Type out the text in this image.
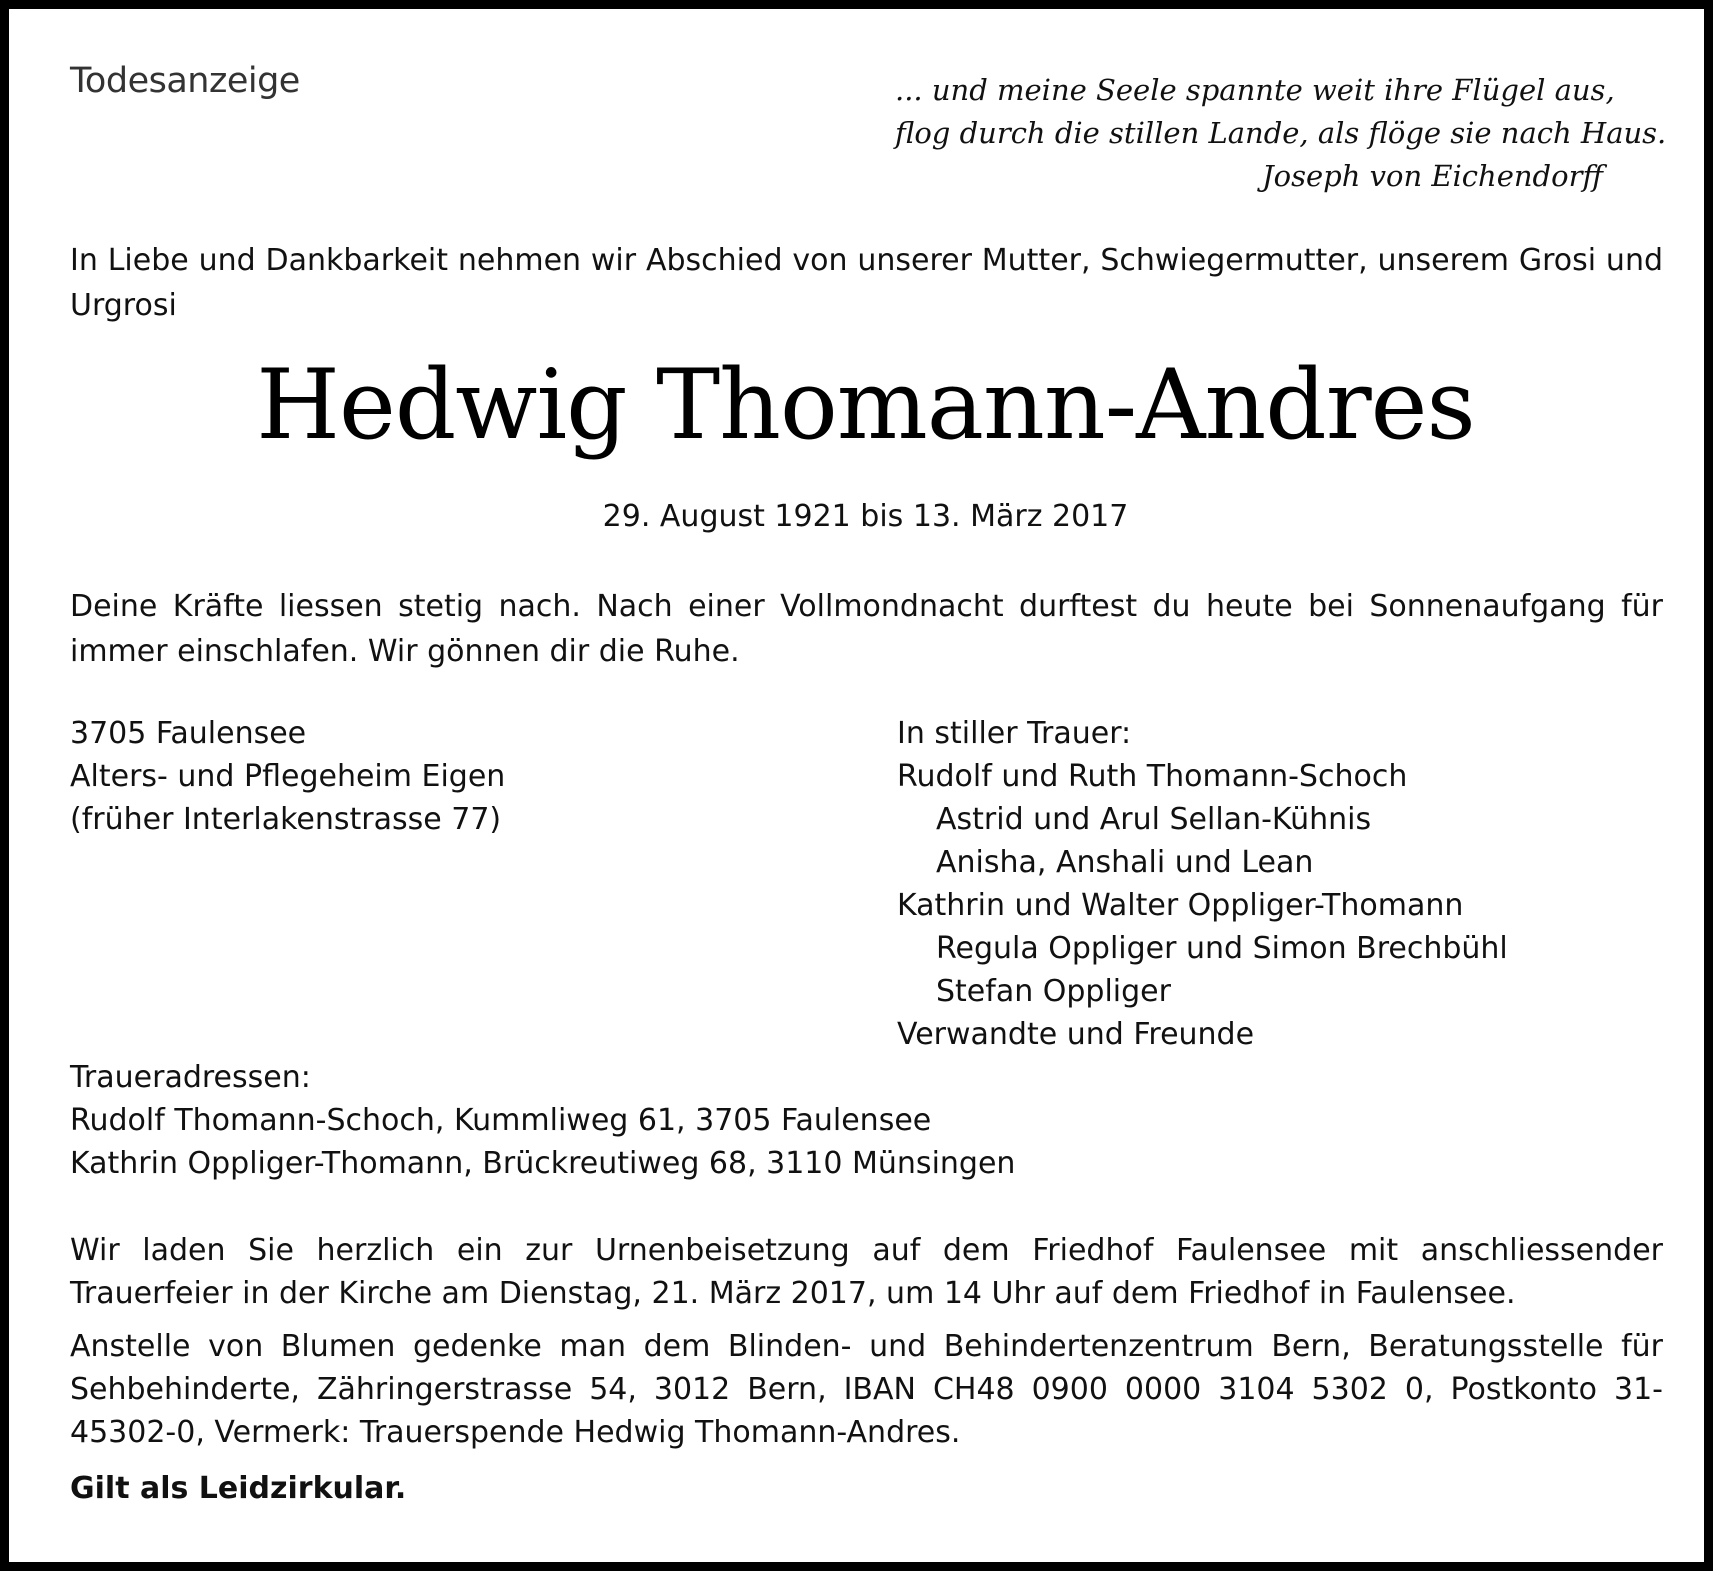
Todesanzeige	... und meine Seele spannte weit ihre Flügel aus,
flog durch die stillen Lande, als flöge sie nach Haus.
Joseph von Eichendorff
In Liebe und Dankbarkeit nehmen wir Abschied von unserer Mutter, Schwiegermutter, unserem Grosi und Urgrosi
Hedwig Thomann-Andres
29. August 1921 bis 13. März 2017
Deine Kräfte liessen stetig nach. Nach einer Vollmondnacht durftest du heute bei Sonnenaufgang für immer einschlafen. Wir gönnen dir die Ruhe.
3705 Faulensee
Alters- und Pflegeheim Eigen
(früher Interlakenstrasse 77)
In stiller Trauer:
Rudolf und Ruth Thomann-Schoch
Astrid und Arul Sellan-Kühnis
Anisha, Anshali und Lean
Kathrin und Walter Oppliger-Thomann
Regula Oppliger und Simon Brechbühl
Stefan Oppliger
Verwandte und Freunde
Traueradressen:
Rudolf Thomann-Schoch, Kummliweg 61, 3705 Faulensee
Kathrin Oppliger-Thomann, Brückreutiweg 68, 3110 Münsingen
Wir laden Sie herzlich ein zur Urnenbeisetzung auf dem Friedhof Faulensee mit anschliessender Trauerfeier in der Kirche am Dienstag, 21. März 2017, um 14 Uhr auf dem Friedhof in Faulensee.
Anstelle von Blumen gedenke man dem Blinden- und Behindertenzentrum Bern, Beratungsstelle für Sehbehinderte, Zähringerstrasse 54, 3012 Bern, IBAN CH48 0900 0000 3104 5302 0, Postkonto 31-45302-0, Vermerk: Trauerspende Hedwig Thomann-Andres.
Gilt als Leidzirkular.
